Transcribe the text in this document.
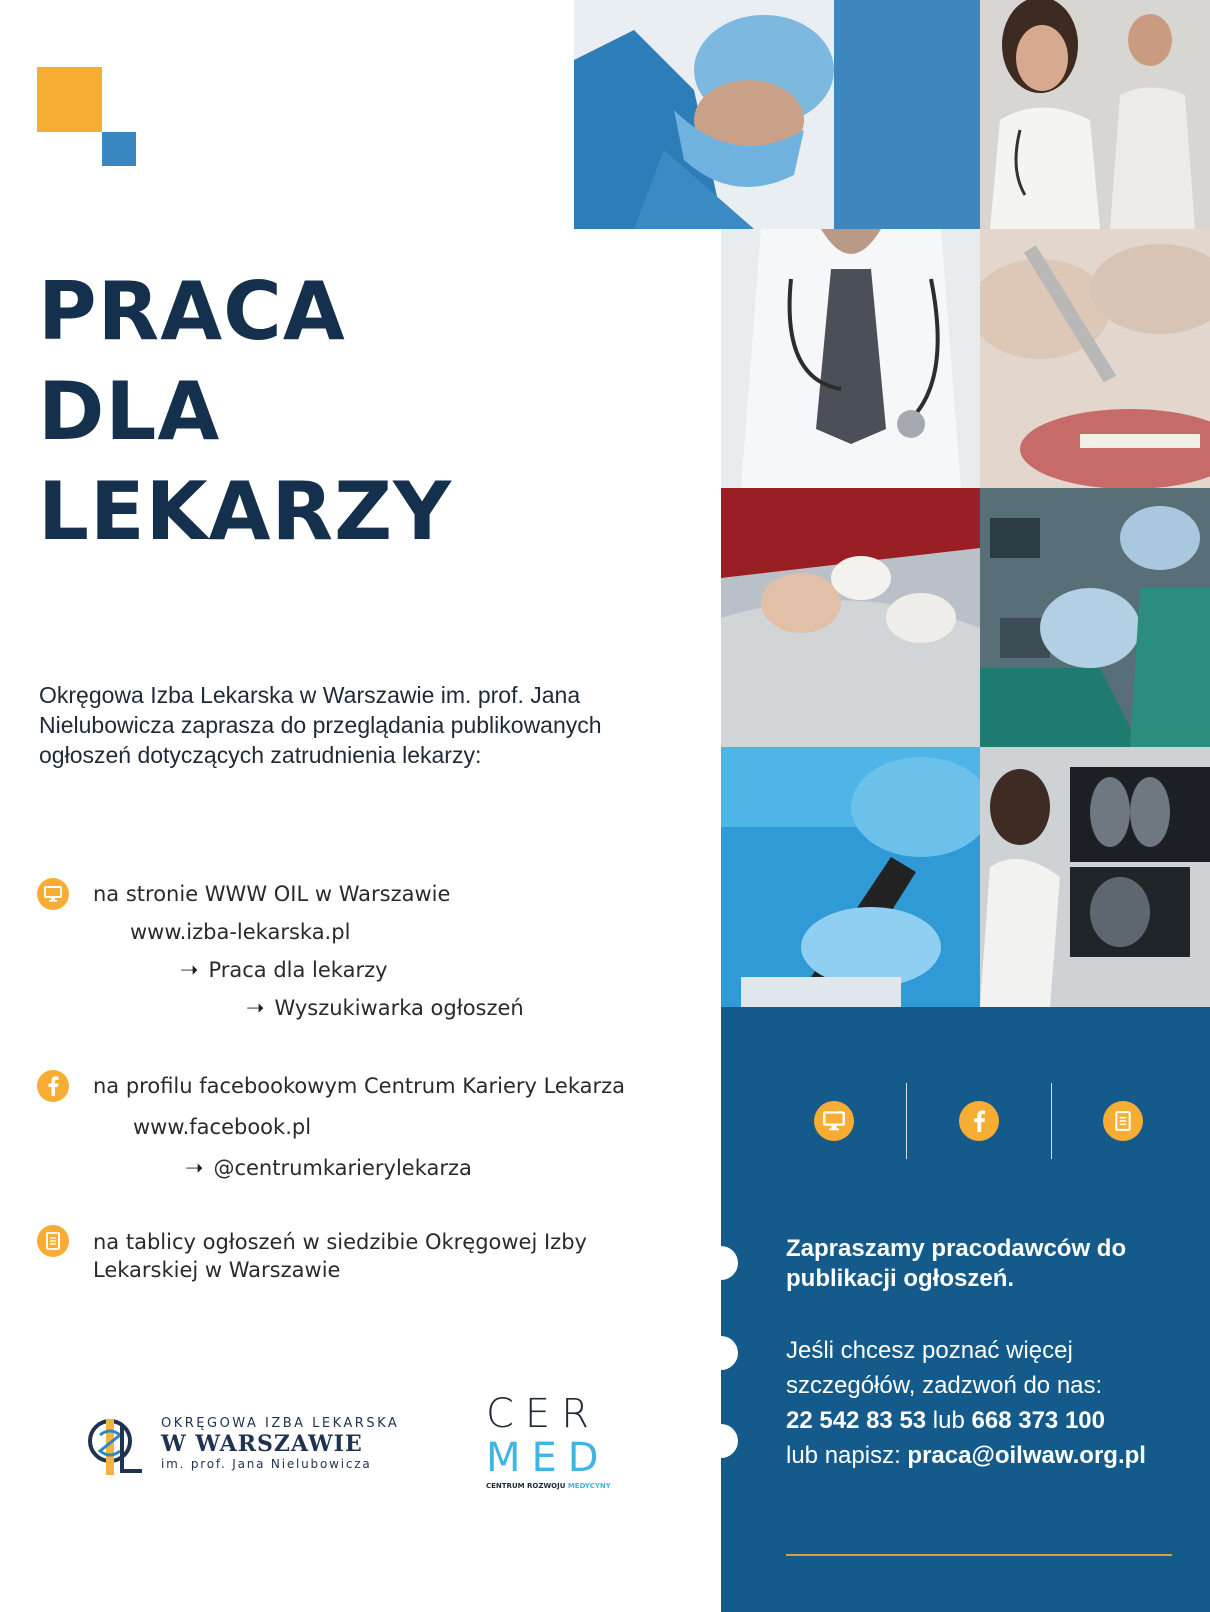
PRACA
DLA
LEKARZY
Okręgowa Izba Lekarska w Warszawie im. prof. Jana Nielubowicza zaprasza do przeglądania publikowanych ogłoszeń dotyczących zatrudnienia lekarzy:
na stronie WWW OIL w Warszawie
www.izba-lekarska.pl
➝ Praca dla lekarzy
➝ Wyszukiwarka ogłoszeń
na profilu facebookowym Centrum Kariery Lekarza
www.facebook.pl
➝ @centrumkarierylekarza
na tablicy ogłoszeń w siedzibie Okręgowej Izby
Lekarskiej w Warszawie
Zapraszamy pracodawców do
publikacji ogłoszeń.
Jeśli chcesz poznać więcej
szczegółów, zadzwoń do nas:
22 542 83 53 lub 668 373 100
lub napisz: praca@oilwaw.org.pl
OKRĘGOWA IZBA LEKARSKA
W WARSZAWIE
im. prof. Jana Nielubowicza
CER
MED
CENTRUM ROZWOJU MEDYCYNY
